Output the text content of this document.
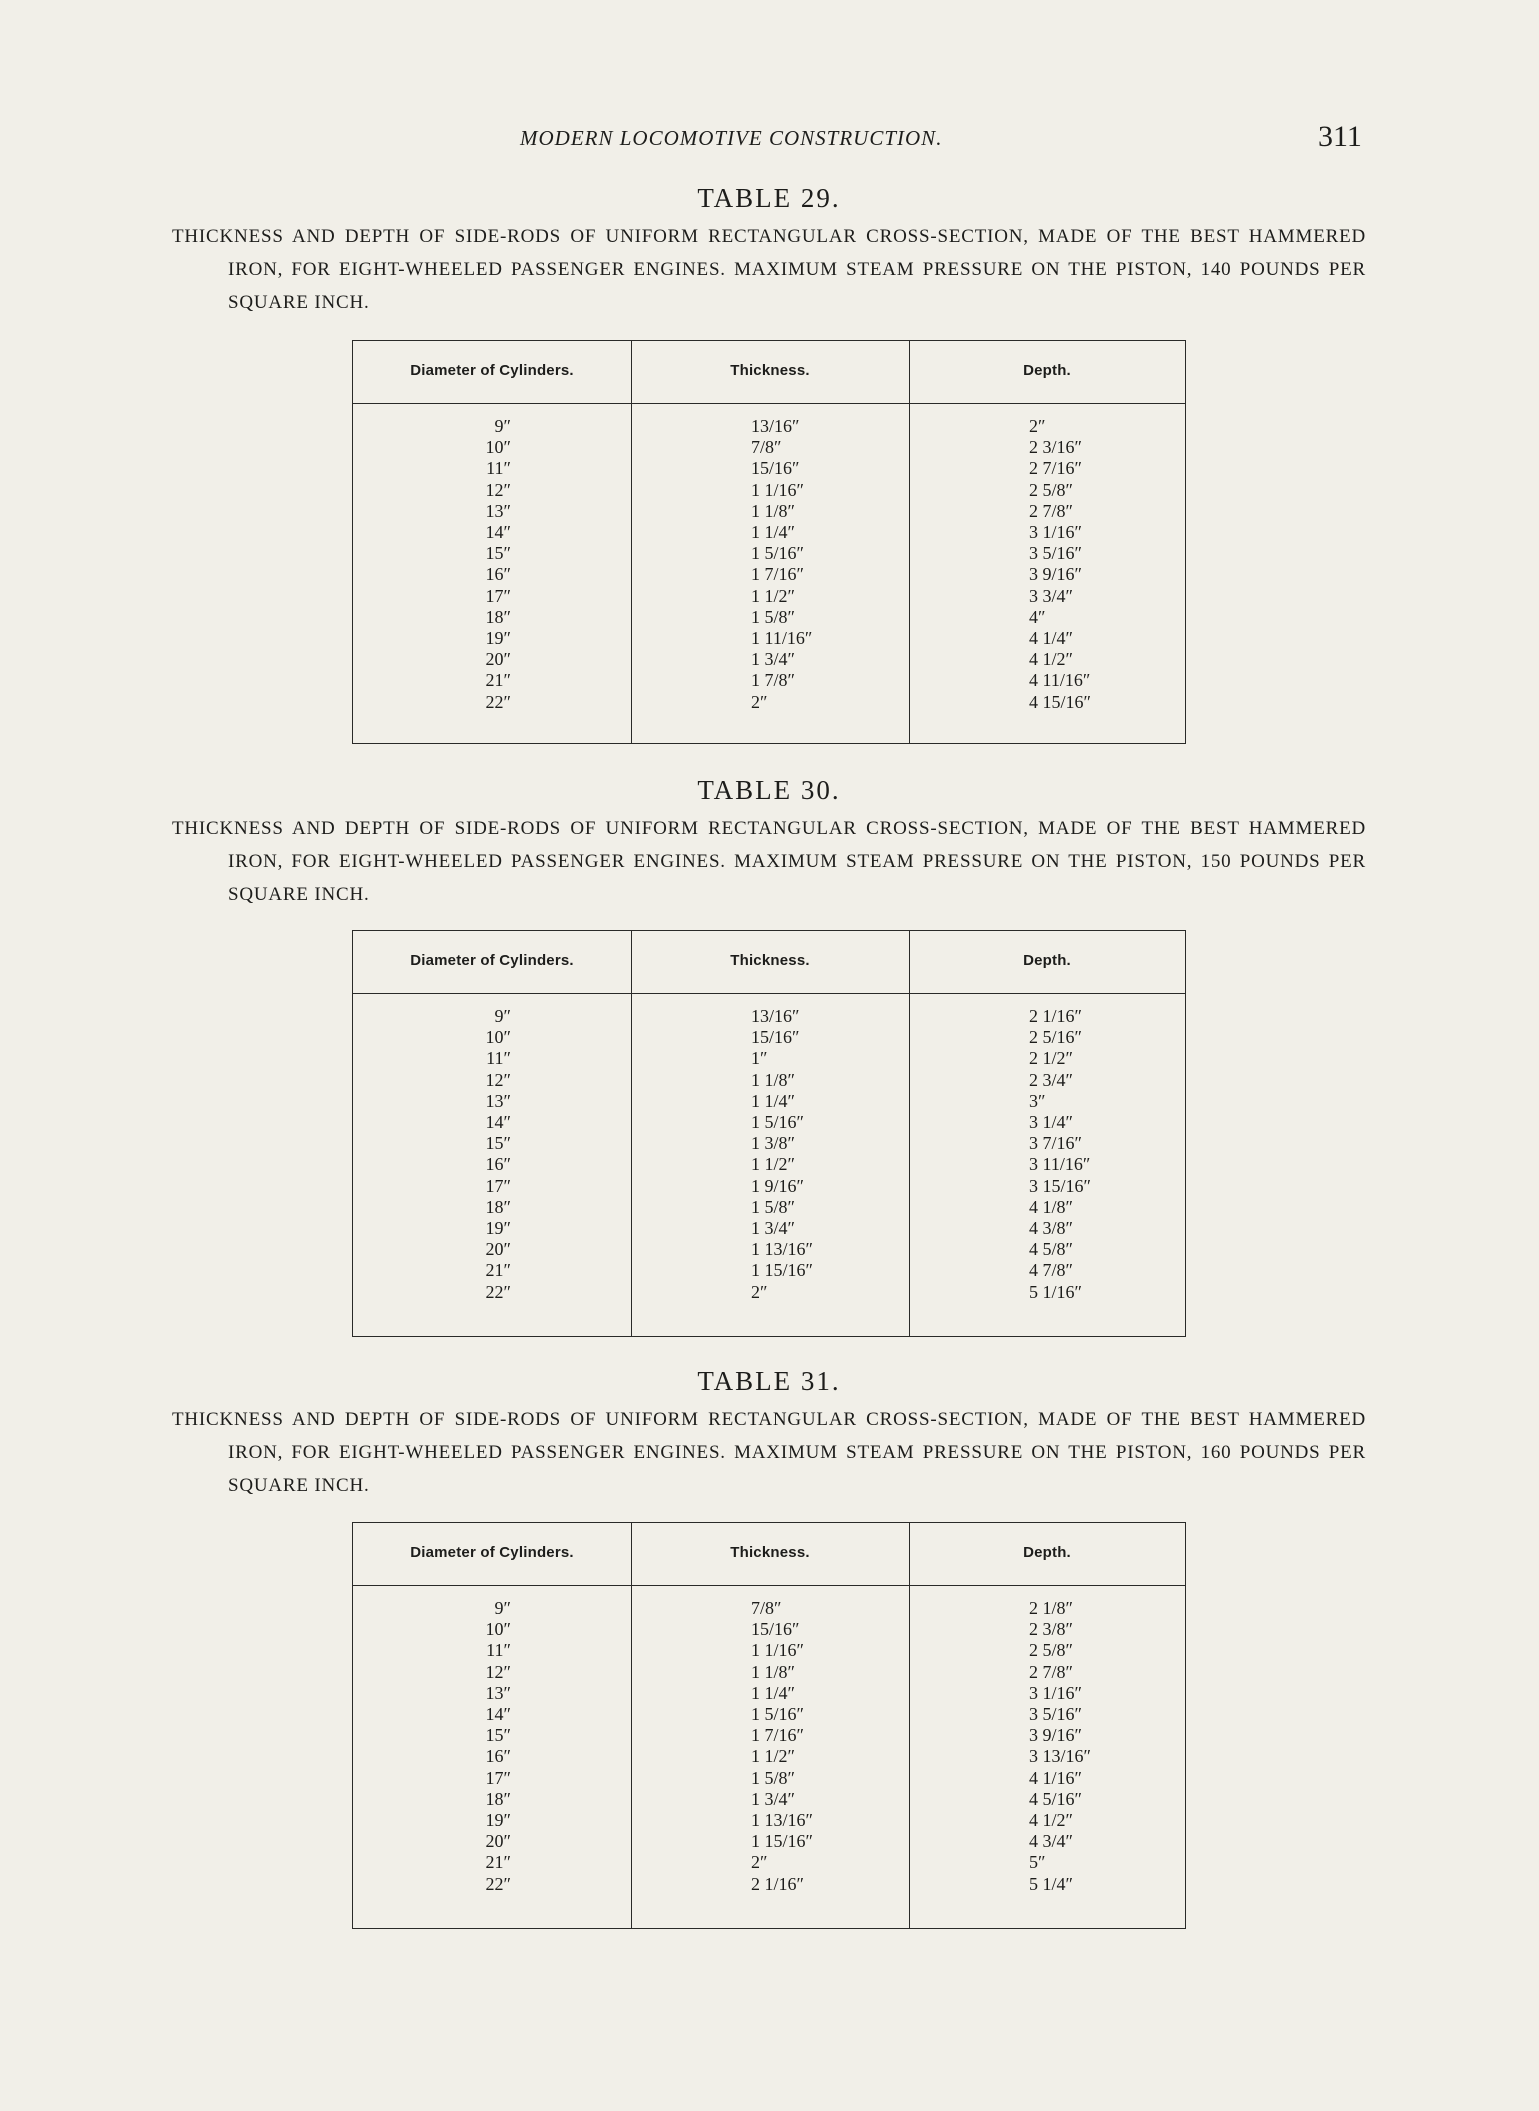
MODERN LOCOMOTIVE CONSTRUCTION.	311
TABLE 29.
THICKNESS AND DEPTH OF SIDE-RODS OF UNIFORM RECTANGULAR CROSS-SECTION, MADE OF THE BEST HAMMERED IRON, FOR EIGHT-WHEELED PASSENGER ENGINES. MAXIMUM STEAM PRESSURE ON THE PISTON, 140 POUNDS PER SQUARE INCH.
Diameter of Cylinders.	Thickness.	Depth.
9″	13/16″	2″
10″	7/8″	2 3/16″
11″	15/16″	2 7/16″
12″	1 1/16″	2 5/8″
13″	1 1/8″	2 7/8″
14″	1 1/4″	3 1/16″
15″	1 5/16″	3 5/16″
16″	1 7/16″	3 9/16″
17″	1 1/2″	3 3/4″
18″	1 5/8″	4″
19″	1 11/16″	4 1/4″
20″	1 3/4″	4 1/2″
21″	1 7/8″	4 11/16″
22″	2″	4 15/16″
TABLE 30.
THICKNESS AND DEPTH OF SIDE-RODS OF UNIFORM RECTANGULAR CROSS-SECTION, MADE OF THE BEST HAMMERED IRON, FOR EIGHT-WHEELED PASSENGER ENGINES. MAXIMUM STEAM PRESSURE ON THE PISTON, 150 POUNDS PER SQUARE INCH.
Diameter of Cylinders.	Thickness.	Depth.
9″	13/16″	2 1/16″
10″	15/16″	2 5/16″
11″	1″	2 1/2″
12″	1 1/8″	2 3/4″
13″	1 1/4″	3″
14″	1 5/16″	3 1/4″
15″	1 3/8″	3 7/16″
16″	1 1/2″	3 11/16″
17″	1 9/16″	3 15/16″
18″	1 5/8″	4 1/8″
19″	1 3/4″	4 3/8″
20″	1 13/16″	4 5/8″
21″	1 15/16″	4 7/8″
22″	2″	5 1/16″
TABLE 31.
THICKNESS AND DEPTH OF SIDE-RODS OF UNIFORM RECTANGULAR CROSS-SECTION, MADE OF THE BEST HAMMERED IRON, FOR EIGHT-WHEELED PASSENGER ENGINES. MAXIMUM STEAM PRESSURE ON THE PISTON, 160 POUNDS PER SQUARE INCH.
Diameter of Cylinders.	Thickness.	Depth.
9″	7/8″	2 1/8″
10″	15/16″	2 3/8″
11″	1 1/16″	2 5/8″
12″	1 1/8″	2 7/8″
13″	1 1/4″	3 1/16″
14″	1 5/16″	3 5/16″
15″	1 7/16″	3 9/16″
16″	1 1/2″	3 13/16″
17″	1 5/8″	4 1/16″
18″	1 3/4″	4 5/16″
19″	1 13/16″	4 1/2″
20″	1 15/16″	4 3/4″
21″	2″	5″
22″	2 1/16″	5 1/4″
